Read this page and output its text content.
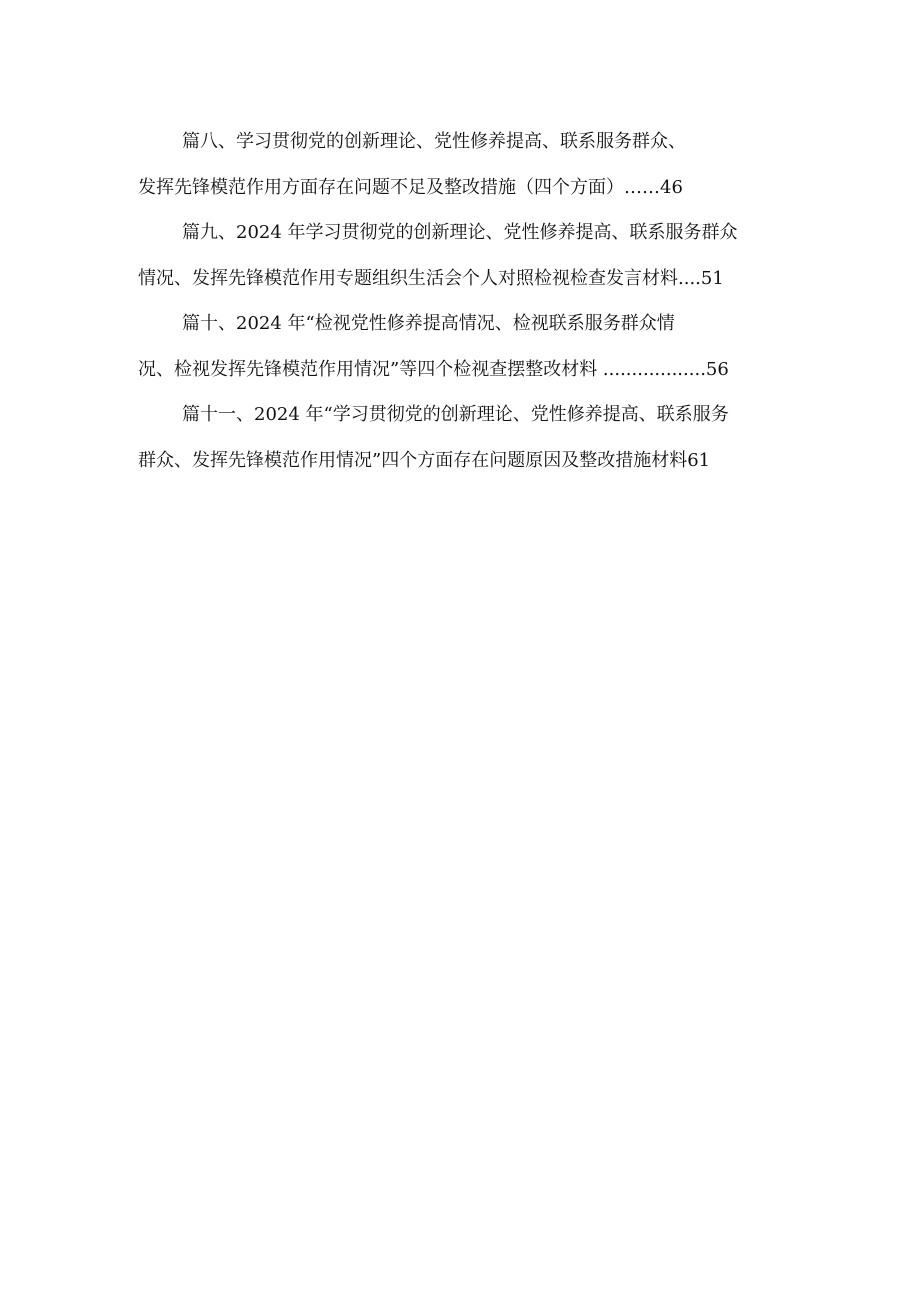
篇八、学习贯彻党的创新理论、党性修养提高、联系服务群众、
发挥先锋模范作用方面存在问题不足及整改措施（四个方面）……46
篇九、2024 年学习贯彻党的创新理论、党性修养提高、联系服务群众
情况、发挥先锋模范作用专题组织生活会个人对照检视检查发言材料....51
篇十、2024 年“检视党性修养提高情况、检视联系服务群众情
况、检视发挥先锋模范作用情况”等四个检视查摆整改材料 ..................56
篇十一、2024 年“学习贯彻党的创新理论、党性修养提高、联系服务
群众、发挥先锋模范作用情况”四个方面存在问题原因及整改措施材料61
